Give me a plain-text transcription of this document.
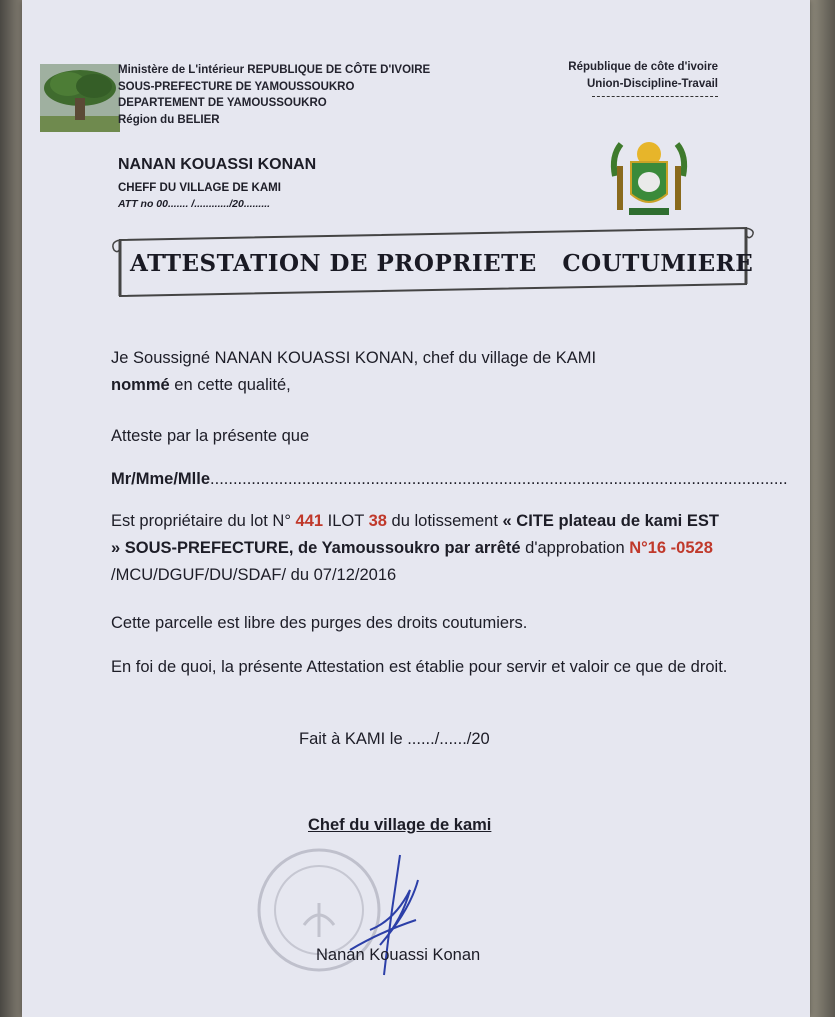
Ministère de L'intérieur REPUBLIQUE DE CÔTE D'IVOIRE
SOUS-PREFECTURE DE YAMOUSSOUKRO
DEPARTEMENT DE YAMOUSSOUKRO
Région du BELIER
République de côte d'ivoire
Union-Discipline-Travail
NANAN KOUASSI KONAN
CHEFF DU VILLAGE DE KAMI
ATT no 00....... /............/20.........
ATTESTATION DE PROPRIETE   COUTUMIERE

Je Soussigné NANAN KOUASSI KONAN, chef du village de KAMI
nommé en cette qualité,

Atteste par la présente que

Mr/Mme/Mlle..............................................................................................................................

Est propriétaire du lot N° 441 ILOT 38 du lotissement « CITE plateau de kami EST » SOUS-PREFECTURE, de Yamoussoukro par arrêté d'approbation N°16 -0528 /MCU/DGUF/DU/SDAF/ du 07/12/2016

Cette parcelle est libre des purges des droits coutumiers.

En foi de quoi, la présente Attestation est établie pour servir et valoir ce que de droit.

Fait à KAMI le ....../....../20
Chef du village de kami
Nanan Kouassi Konan
